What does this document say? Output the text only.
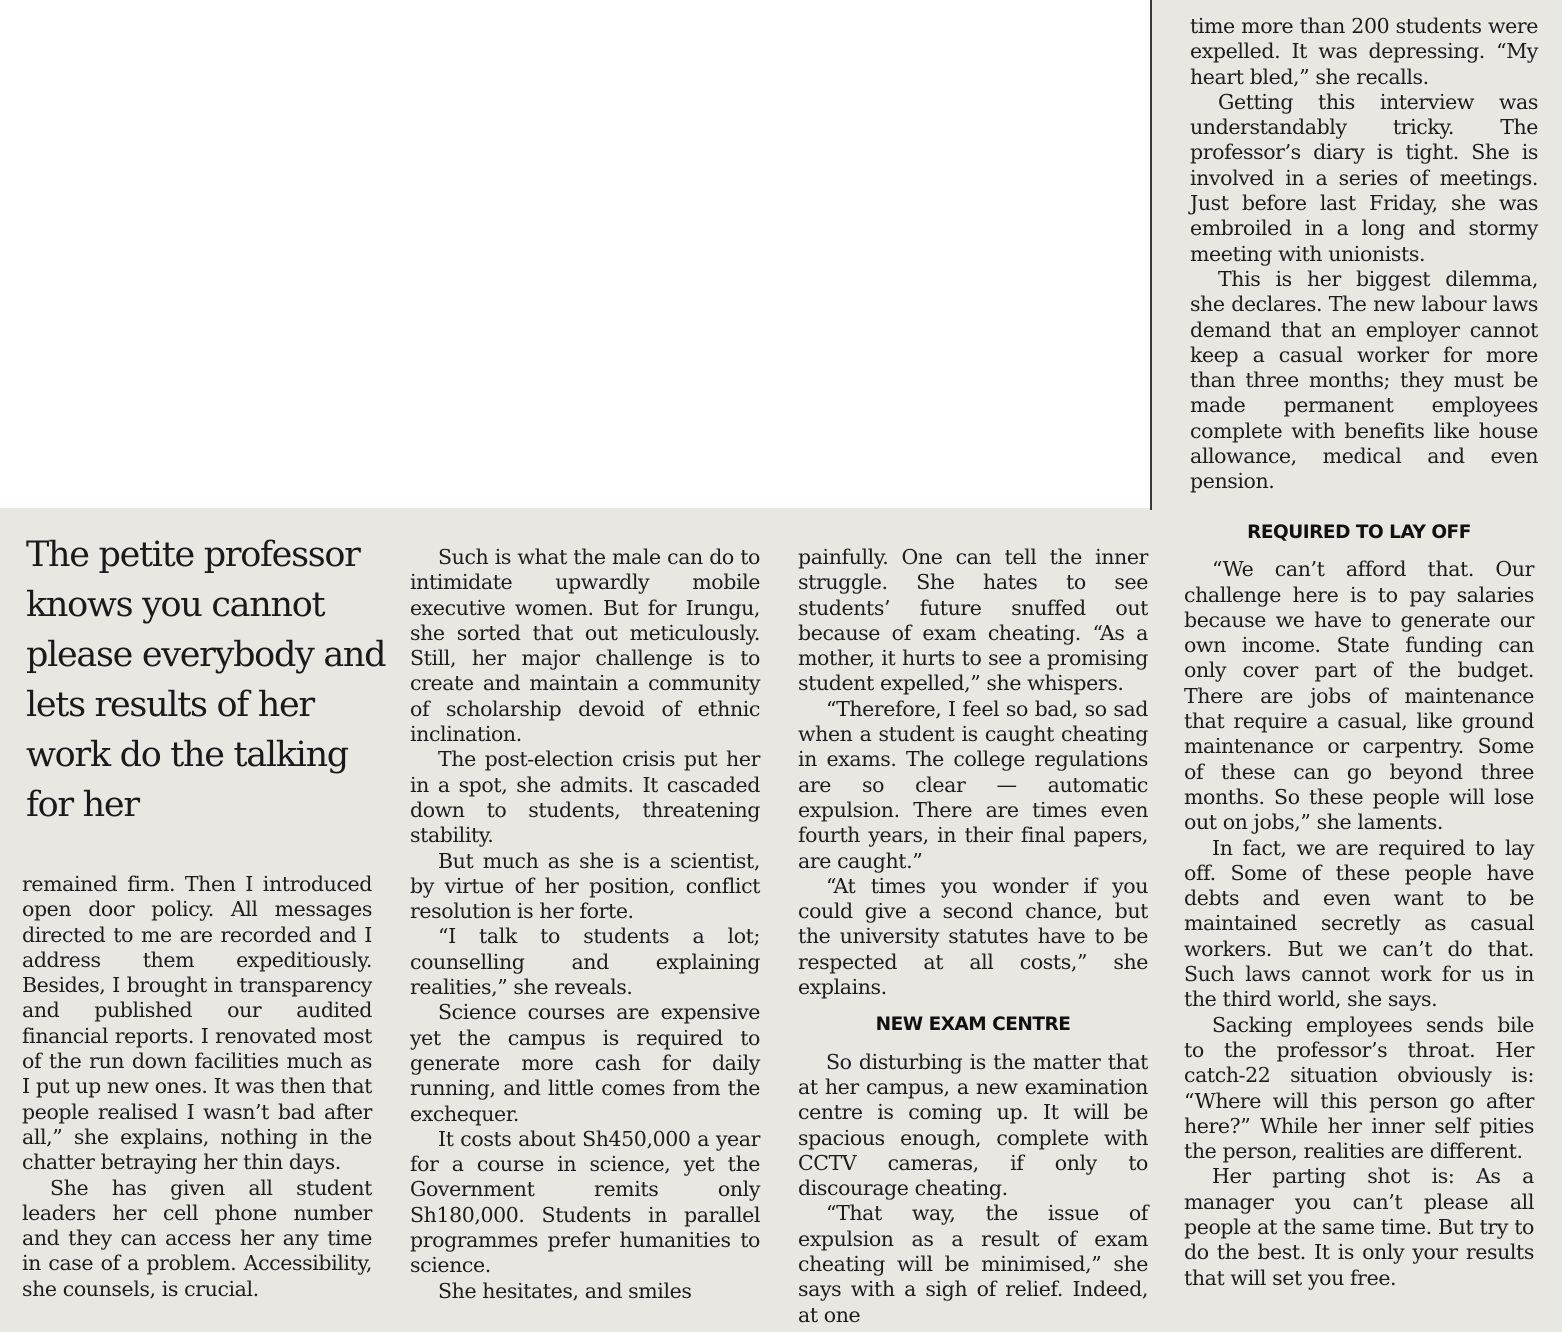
time more than 200 students were expelled. It was depressing. “My heart bled,” she recalls.

Getting this interview was understandably tricky. The professor’s diary is tight. She is involved in a series of meetings. Just before last Friday, she was embroiled in a long and stormy meeting with unionists.

This is her biggest dilemma, she declares. The new labour laws demand that an employer cannot keep a casual worker for more than three months; they must be made permanent employees complete with benefits like house allowance, medical and even pension.

The petite professor knows you cannot please everybody and lets results of her work do the talking for her

remained firm. Then I introduced open door policy. All messages directed to me are recorded and I address them expeditiously. Besides, I brought in transparency and published our audited financial reports. I renovated most of the run down facilities much as I put up new ones. It was then that people realised I wasn’t bad after all,” she explains, nothing in the chatter betraying her thin days.

She has given all student leaders her cell phone number and they can access her any time in case of a problem. Accessibility, she counsels, is crucial.

Such is what the male can do to intimidate upwardly mobile executive women. But for Irungu, she sorted that out meticulously. Still, her major challenge is to create and maintain a community of scholarship devoid of ethnic inclination.

The post-election crisis put her in a spot, she admits. It cascaded down to students, threatening stability.

But much as she is a scientist, by virtue of her position, conflict resolution is her forte.

“I talk to students a lot; counselling and explaining realities,” she reveals.

Science courses are expensive yet the campus is required to generate more cash for daily running, and little comes from the exchequer.

It costs about Sh450,000 a year for a course in science, yet the Government remits only Sh180,000. Students in parallel programmes prefer humanities to science.

She hesitates, and smiles

painfully. One can tell the inner struggle. She hates to see students’ future snuffed out because of exam cheating. “As a mother, it hurts to see a promising student expelled,” she whispers.

“Therefore, I feel so bad, so sad when a student is caught cheating in exams. The college regulations are so clear — automatic expulsion. There are times even fourth years, in their final papers, are caught.”

“At times you wonder if you could give a second chance, but the university statutes have to be respected at all costs,” she explains.

NEW EXAM CENTRE

So disturbing is the matter that at her campus, a new examination centre is coming up. It will be spacious enough, complete with CCTV cameras, if only to discourage cheating.

“That way, the issue of expulsion as a result of exam cheating will be minimised,” she says with a sigh of relief. Indeed, at one

REQUIRED TO LAY OFF

“We can’t afford that. Our challenge here is to pay salaries because we have to generate our own income. State funding can only cover part of the budget. There are jobs of maintenance that require a casual, like ground maintenance or carpentry. Some of these can go beyond three months. So these people will lose out on jobs,” she laments.

In fact, we are required to lay off. Some of these people have debts and even want to be maintained secretly as casual workers. But we can’t do that. Such laws cannot work for us in the third world, she says.

Sacking employees sends bile to the professor’s throat. Her catch-22 situation obviously is: “Where will this person go after here?” While her inner self pities the person, realities are different.

Her parting shot is: As a manager you can’t please all people at the same time. But try to do the best. It is only your results that will set you free.
